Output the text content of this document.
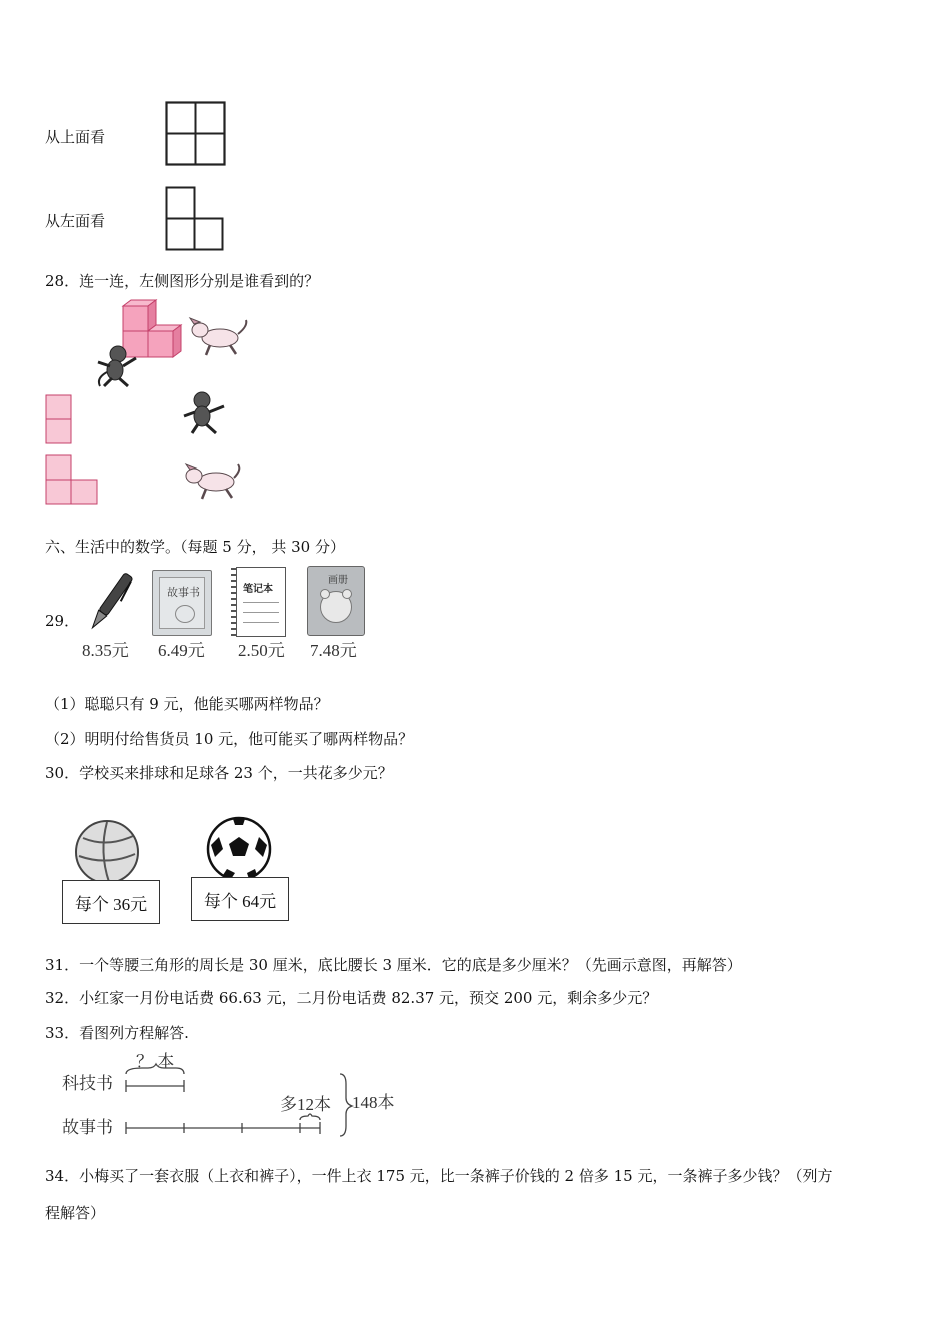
从上面看
从左面看
28．连一连，左侧图形分别是谁看到的？
六、生活中的数学。（每题 5 分， 共 30 分）
29．
8.35元
故事书
6.49元
笔记本
2.50元
画册
7.48元
（1）聪聪只有 9 元，他能买哪两样物品？
（2）明明付给售货员 10 元，他可能买了哪两样物品？
30．学校买来排球和足球各 23 个，一共花多少元？
每个 36元	每个 64元
31．一个等腰三角形的周长是 30 厘米，底比腰长 3 厘米．它的底是多少厘米？（先画示意图，再解答）
32．小红家一月份电话费 66.63 元，二月份电话费 82.37 元，预交 200 元，剩余多少元？
33．看图列方程解答.
科技书
故事书
？ 本
多12本 148本
34．小梅买了一套衣服（上衣和裤子），一件上衣 175 元，比一条裤子价钱的 2 倍多 15 元，一条裤子多少钱？（列方
程解答）
